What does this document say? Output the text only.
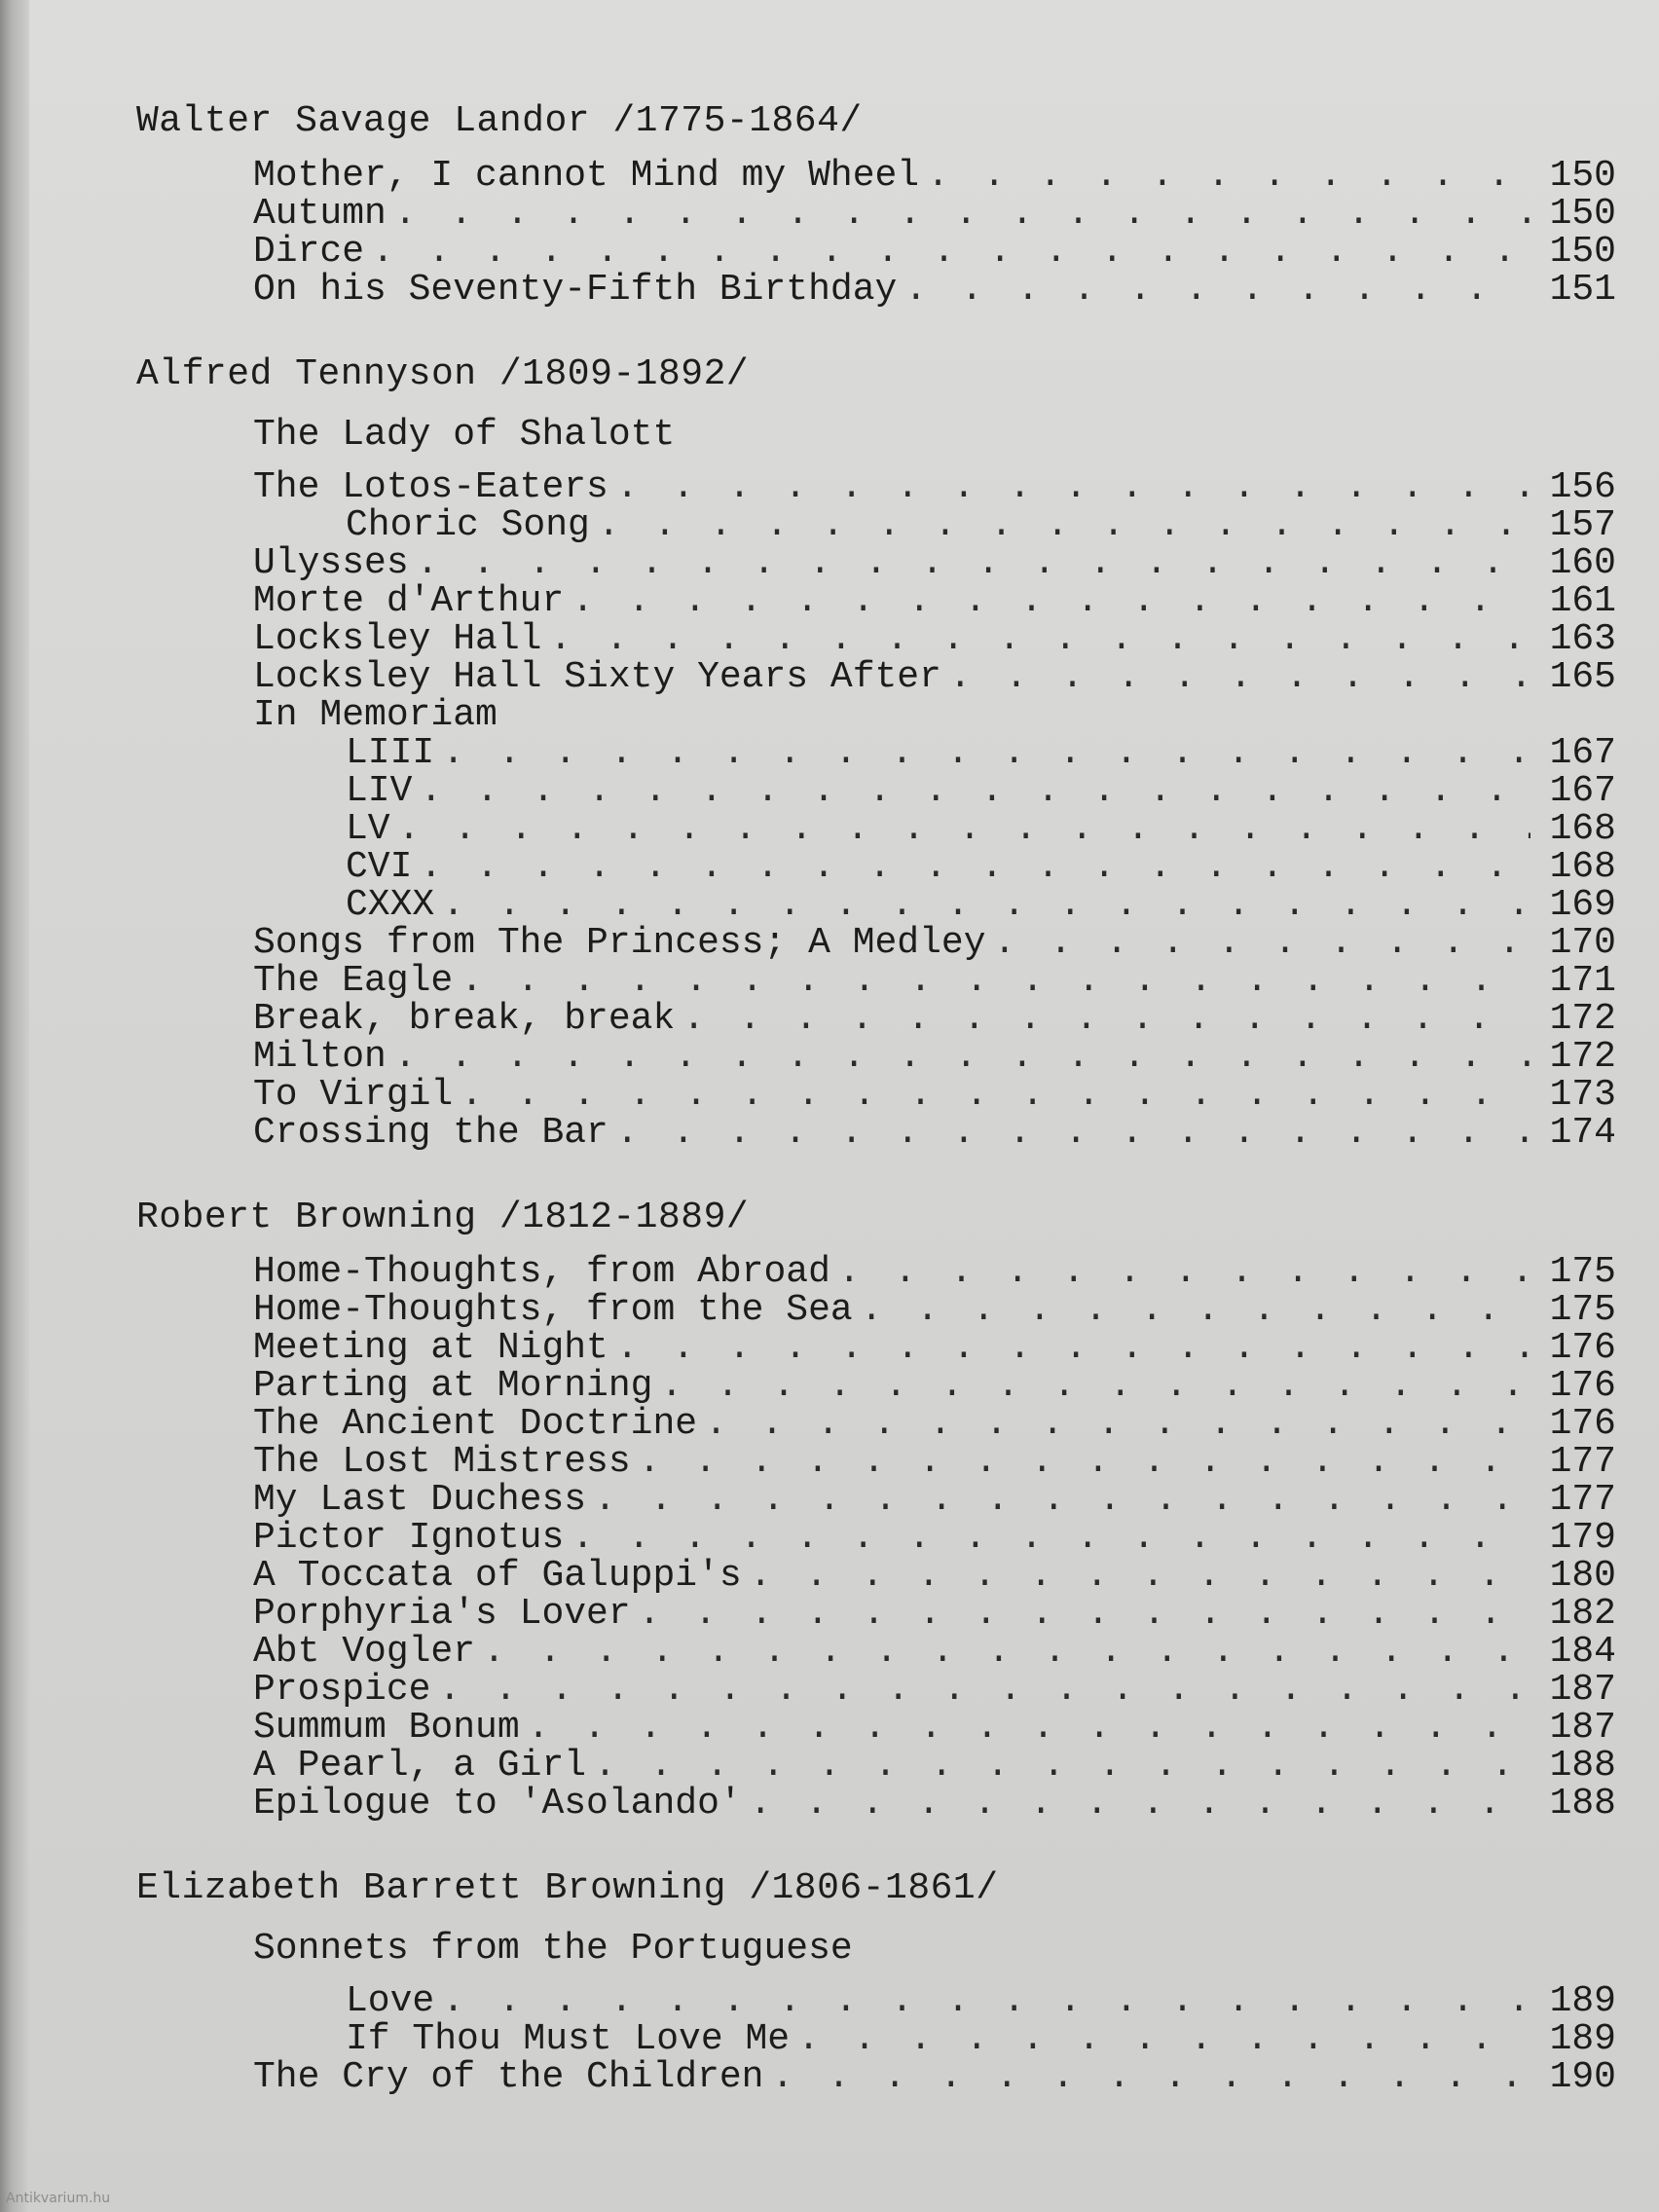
Walter Savage Landor /1775-1864/
Mother, I cannot Mind my Wheel . . .	150
Autumn . . .	150
Dirce . . .	150
On his Seventy-Fifth Birthday . . .	151
Alfred Tennyson /1809-1892/
The Lady of Shalott
The Lotos-Eaters . . .	156
Choric Song . . .	157
Ulysses . . .	160
Morte d'Arthur . . .	161
Locksley Hall . . .	163
Locksley Hall Sixty Years After . . .	165
In Memoriam
LIII . . .	167
LIV . . .	167
LV . . .	168
CVI . . .	168
CXXX . . .	169
Songs from The Princess; A Medley . . .	170
The Eagle . . .	171
Break, break, break . . .	172
Milton . . .	172
To Virgil . . .	173
Crossing the Bar . . .	174
Robert Browning /1812-1889/
Home-Thoughts, from Abroad . . .	175
Home-Thoughts, from the Sea . . .	175
Meeting at Night . . .	176
Parting at Morning . . .	176
The Ancient Doctrine . . .	176
The Lost Mistress . . .	177
My Last Duchess . . .	177
Pictor Ignotus . . .	179
A Toccata of Galuppi's . . .	180
Porphyria's Lover . . .	182
Abt Vogler . . .	184
Prospice . . .	187
Summum Bonum . . .	187
A Pearl, a Girl . . .	188
Epilogue to 'Asolando' . . .	188
Elizabeth Barrett Browning /1806-1861/
Sonnets from the Portuguese
Love . . .	189
If Thou Must Love Me . . .	189
The Cry of the Children . . .	190
Antikvarium.hu
